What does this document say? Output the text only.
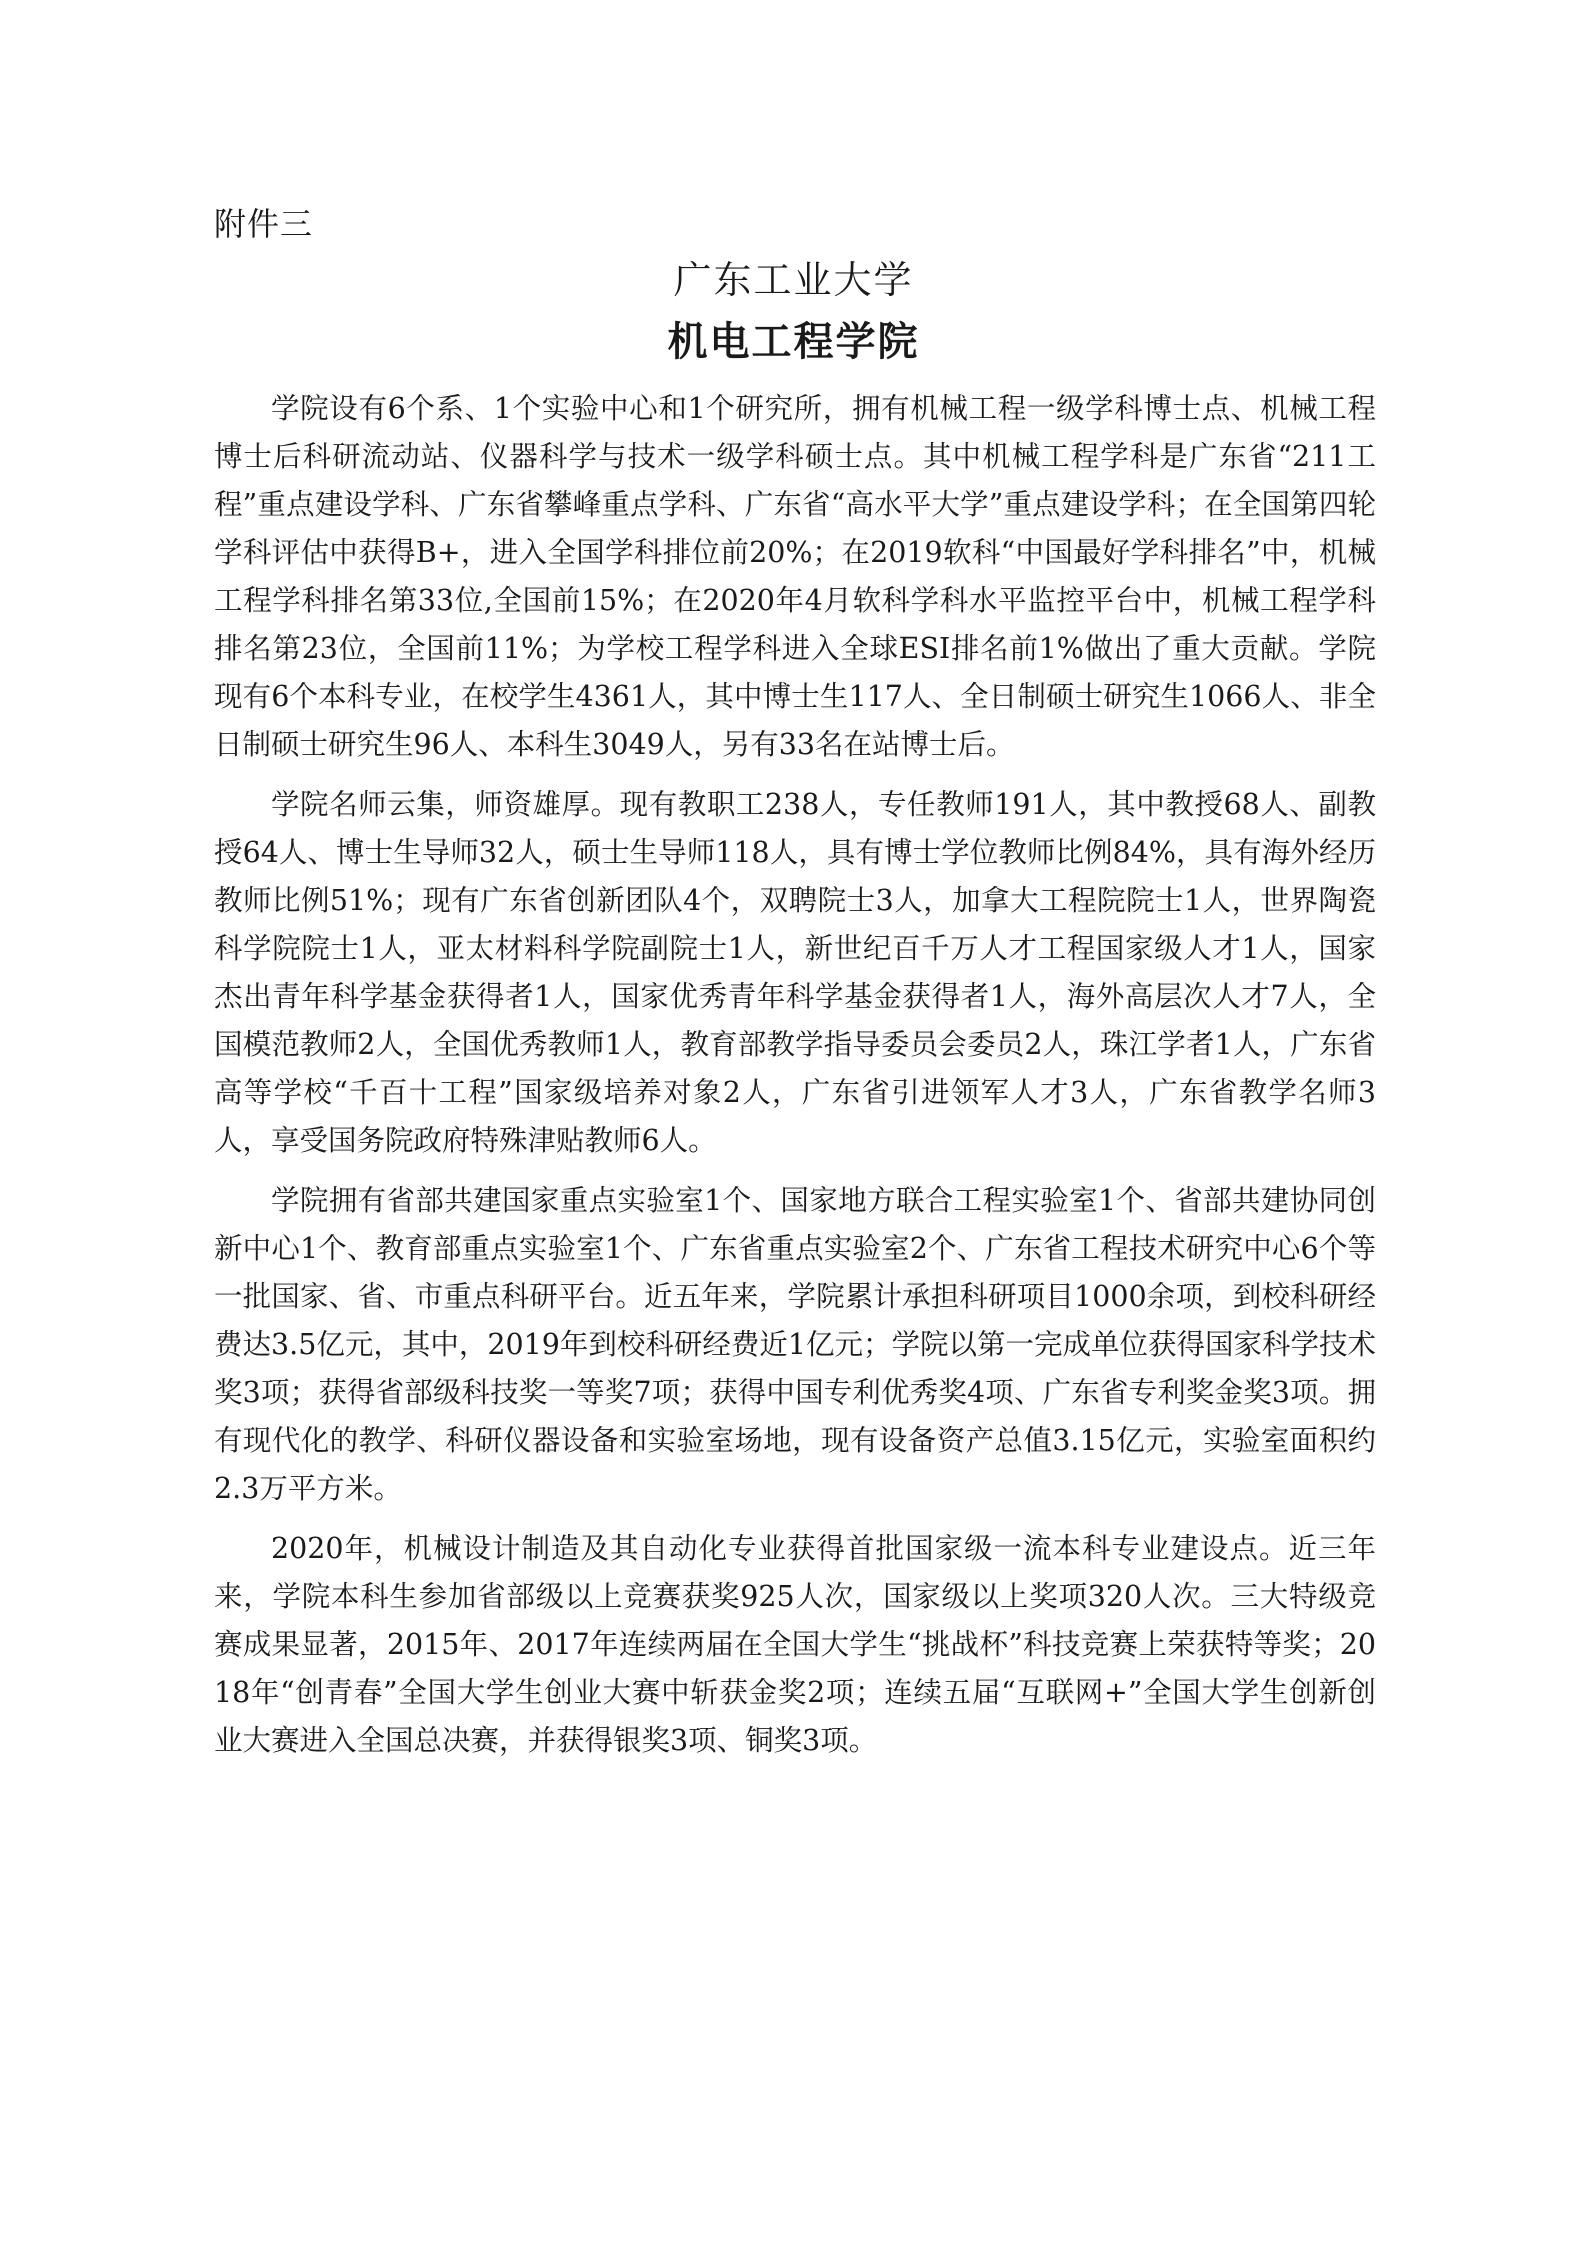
附件三
广东工业大学
机电工程学院

学院设有6个系、1个实验中心和1个研究所，拥有机械工程一级学科博士点、机械工程博士后科研流动站、仪器科学与技术一级学科硕士点。其中机械工程学科是广东省“211工程”重点建设学科、广东省攀峰重点学科、广东省“高水平大学”重点建设学科；在全国第四轮学科评估中获得B+，进入全国学科排位前20%；在2019软科“中国最好学科排名”中，机械工程学科排名第33位,全国前15%；在2020年4月软科学科水平监控平台中，机械工程学科排名第23位，全国前11%；为学校工程学科进入全球ESI排名前1%做出了重大贡献。学院现有6个本科专业，在校学生4361人，其中博士生117人、全日制硕士研究生1066人、非全日制硕士研究生96人、本科生3049人，另有33名在站博士后。

学院名师云集，师资雄厚。现有教职工238人，专任教师191人，其中教授68人、副教授64人、博士生导师32人，硕士生导师118人，具有博士学位教师比例84%，具有海外经历教师比例51%；现有广东省创新团队4个，双聘院士3人，加拿大工程院院士1人，世界陶瓷科学院院士1人，亚太材料科学院副院士1人，新世纪百千万人才工程国家级人才1人，国家杰出青年科学基金获得者1人，国家优秀青年科学基金获得者1人，海外高层次人才7人，全国模范教师2人，全国优秀教师1人，教育部教学指导委员会委员2人，珠江学者1人，广东省高等学校“千百十工程”国家级培养对象2人，广东省引进领军人才3人，广东省教学名师3人，享受国务院政府特殊津贴教师6人。

学院拥有省部共建国家重点实验室1个、国家地方联合工程实验室1个、省部共建协同创新中心1个、教育部重点实验室1个、广东省重点实验室2个、广东省工程技术研究中心6个等一批国家、省、市重点科研平台。近五年来，学院累计承担科研项目1000余项，到校科研经费达3.5亿元，其中，2019年到校科研经费近1亿元；学院以第一完成单位获得国家科学技术奖3项；获得省部级科技奖一等奖7项；获得中国专利优秀奖4项、广东省专利奖金奖3项。拥有现代化的教学、科研仪器设备和实验室场地，现有设备资产总值3.15亿元，实验室面积约2.3万平方米。

2020年，机械设计制造及其自动化专业获得首批国家级一流本科专业建设点。近三年来，学院本科生参加省部级以上竞赛获奖925人次，国家级以上奖项320人次。三大特级竞赛成果显著，2015年、2017年连续两届在全国大学生“挑战杯”科技竞赛上荣获特等奖；2018年“创青春”全国大学生创业大赛中斩获金奖2项；连续五届“互联网+”全国大学生创新创业大赛进入全国总决赛，并获得银奖3项、铜奖3项。
